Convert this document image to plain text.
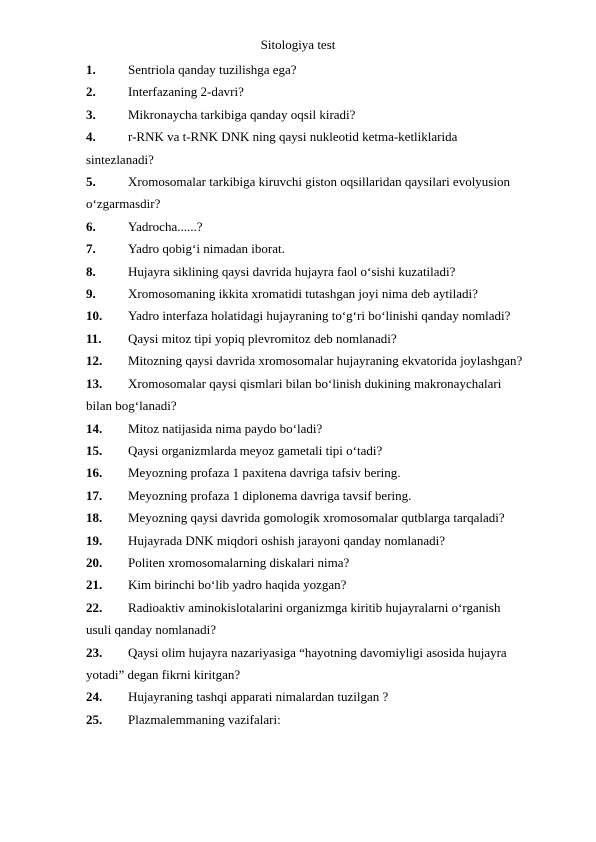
Sitologiya test
1.	Sentriola qanday tuzilishga ega?
2.	Interfazaning 2-davri?
3.	Mikronaycha tarkibiga qanday oqsil kiradi?
4.	r-RNK va t-RNK DNK ning qaysi nukleotid ketma-ketliklarida
sintezlanadi?
5.	Xromosomalar tarkibiga kiruvchi giston oqsillaridan qaysilari evolyusion
o‘zgarmasdir?
6.	Yadrocha......?
7.	Yadro qobig‘i nimadan iborat.
8.	Hujayra siklining qaysi davrida hujayra faol o‘sishi kuzatiladi?
9.	Xromosomaning ikkita xromatidi tutashgan joyi nima deb aytiladi?
10.	Yadro interfaza holatidagi hujayraning to‘g‘ri bo‘linishi qanday nomladi?
11.	Qaysi mitoz tipi yopiq plevromitoz deb nomlanadi?
12.	Mitozning qaysi davrida xromosomalar hujayraning ekvatorida joylashgan?
13.	Xromosomalar qaysi qismlari bilan bo‘linish dukining makronaychalari
bilan bog‘lanadi?
14.	Mitoz natijasida nima paydo bo‘ladi?
15.	Qaysi organizmlarda meyoz gametali tipi o‘tadi?
16.	Meyozning profaza 1 paxitena davriga tafsiv bering.
17.	Meyozning profaza 1 diplonema davriga tavsif bering.
18.	Meyozning qaysi davrida gomologik xromosomalar qutblarga tarqaladi?
19.	Hujayrada DNK miqdori oshish jarayoni qanday nomlanadi?
20.	Politen xromosomalarning diskalari nima?
21.	Kim birinchi bo‘lib yadro haqida yozgan?
22.	Radioaktiv aminokislotalarini organizmga kiritib hujayralarni o‘rganish
usuli qanday nomlanadi?
23.	Qaysi olim hujayra nazariyasiga “hayotning davomiyligi asosida hujayra
yotadi” degan fikrni kiritgan?
24.	Hujayraning tashqi apparati nimalardan tuzilgan ?
25.	Plazmalemmaning vazifalari:
